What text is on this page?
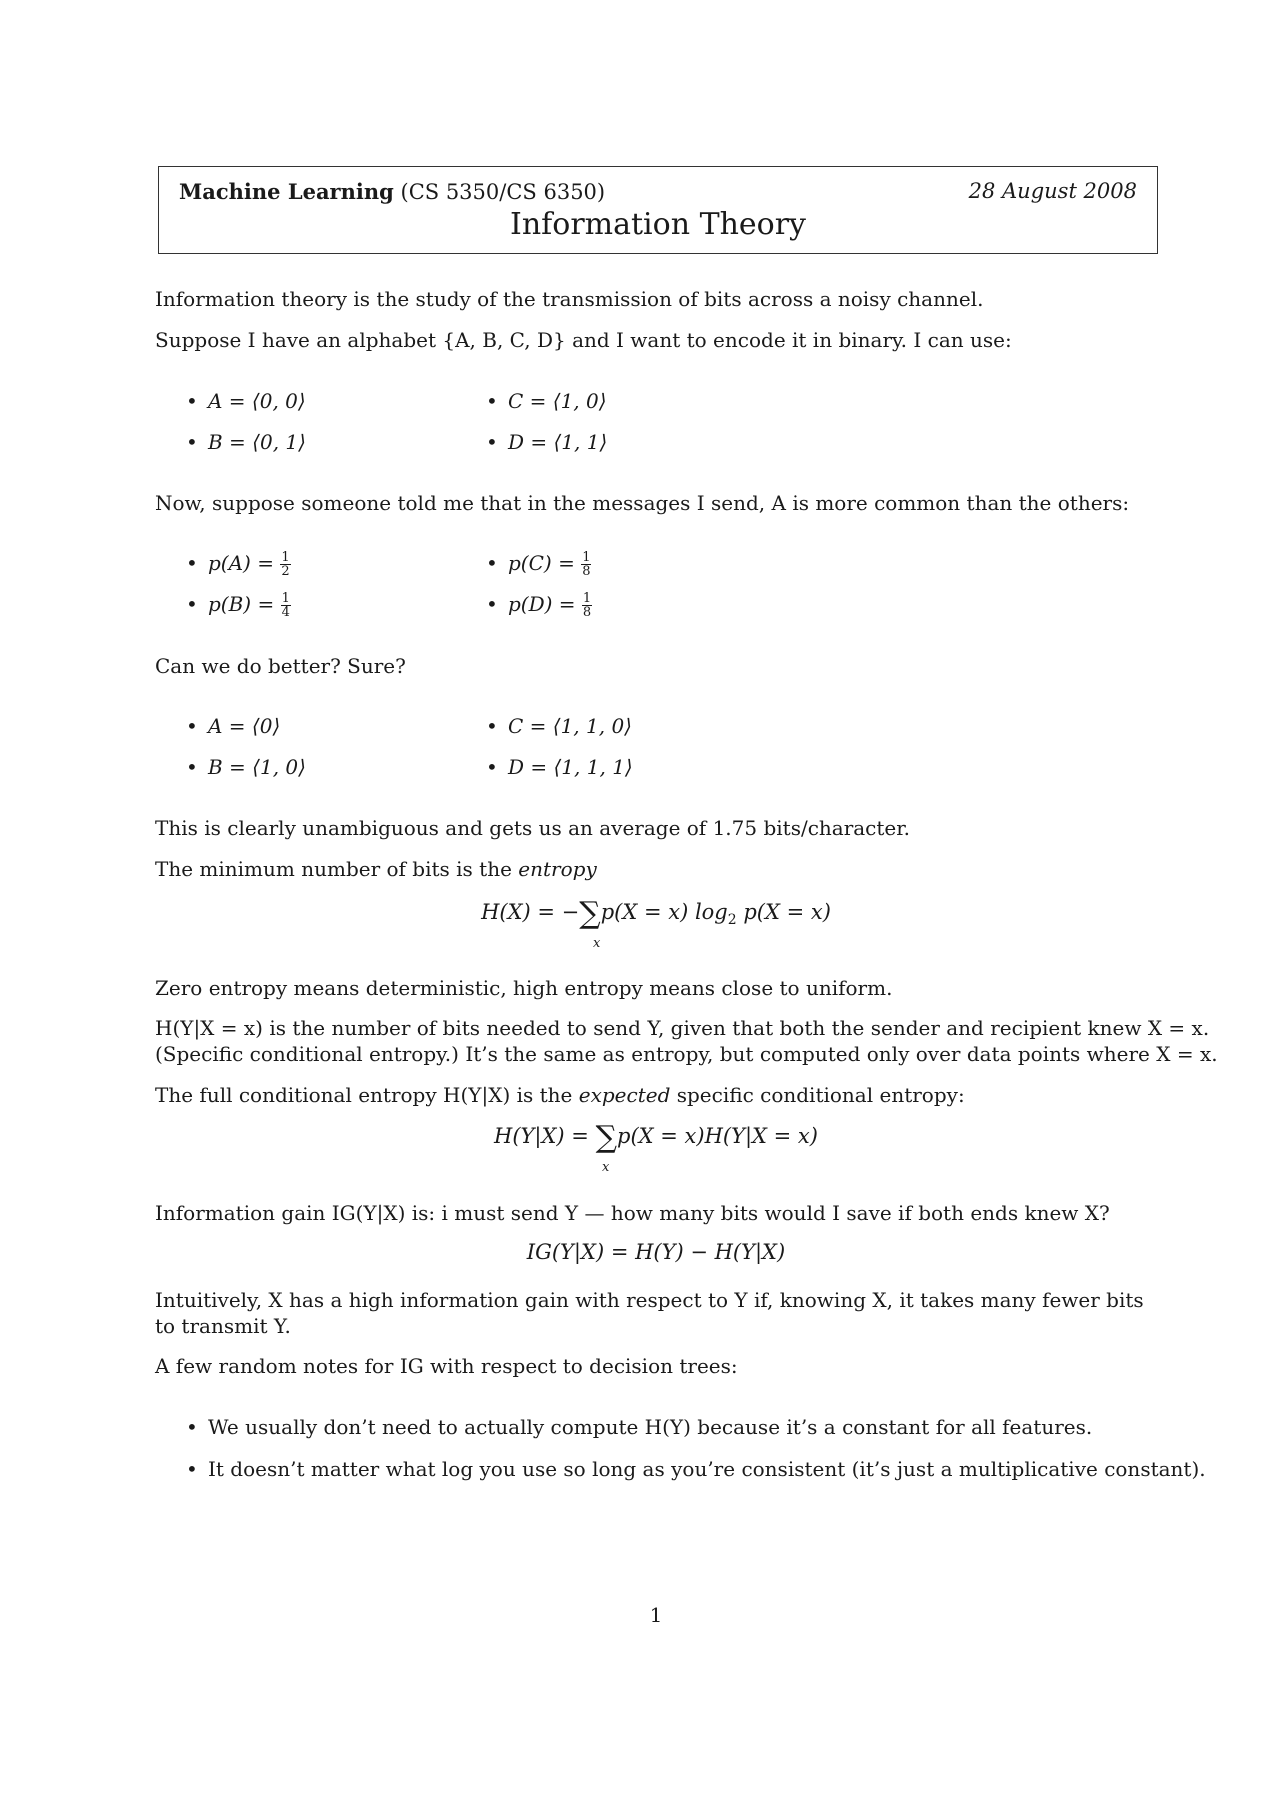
Machine Learning (CS 5350/CS 6350)	28 August 2008
Information Theory
Information theory is the study of the transmission of bits across a noisy channel.
Suppose I have an alphabet {A, B, C, D} and I want to encode it in binary. I can use:
• A = ⟨0, 0⟩
• B = ⟨0, 1⟩
• C = ⟨1, 0⟩
• D = ⟨1, 1⟩
Now, suppose someone told me that in the messages I send, A is more common than the others:
• $p(A) = \frac{1}{2}$
• $p(B) = \frac{1}{4}$
• $p(C) = \frac{1}{8}$
• $p(D) = \frac{1}{8}$
Can we do better? Sure?
• A = ⟨0⟩
• B = ⟨1, 0⟩
• C = ⟨1, 1, 0⟩
• D = ⟨1, 1, 1⟩
This is clearly unambiguous and gets us an average of 1.75 bits/character.
The minimum number of bits is the entropy
H(X) = −∑p(X = x) $\log_2 p(X = x)$
x
Zero entropy means deterministic, high entropy means close to uniform.
H(Y|X = x) is the number of bits needed to send Y, given that both the sender and recipient knew X = x.
(Specific conditional entropy.) It’s the same as entropy, but computed only over data points where X = x.
The full conditional entropy H(Y|X) is the expected specific conditional entropy:
H(Y|X) = ∑p(X = x)H(Y|X = x)
x
Information gain IG(Y|X) is: i must send Y — how many bits would I save if both ends knew X?
IG(Y|X) = H(Y) − H(Y|X)
Intuitively, X has a high information gain with respect to Y if, knowing X, it takes many fewer bits to transmit Y.
A few random notes for IG with respect to decision trees:
• We usually don’t need to actually compute H(Y) because it’s a constant for all features.
• It doesn’t matter what log you use so long as you’re consistent (it’s just a multiplicative constant).
1
